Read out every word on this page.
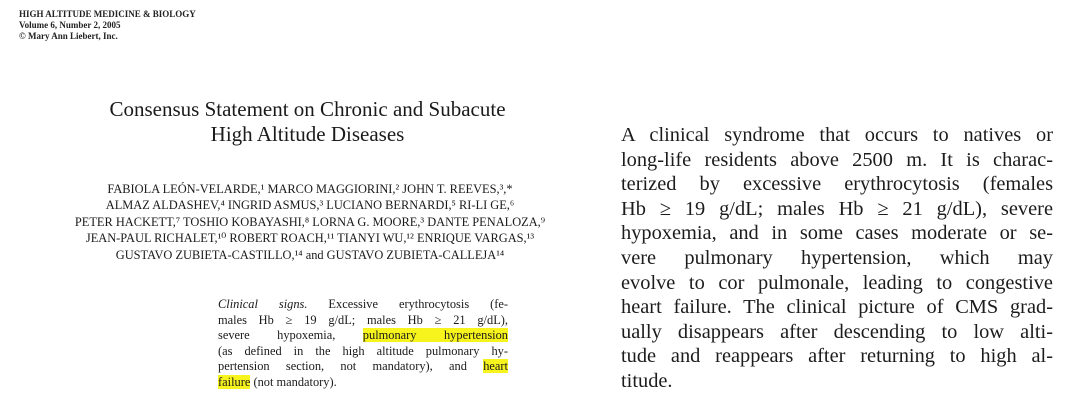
HIGH ALTITUDE MEDICINE & BIOLOGY
Volume 6, Number 2, 2005
© Mary Ann Liebert, Inc.
Consensus Statement on Chronic and Subacute
High Altitude Diseases
FABIOLA LEÓN-VELARDE,¹ MARCO MAGGIORINI,² JOHN T. REEVES,³,*
ALMAZ ALDASHEV,⁴ INGRID ASMUS,³ LUCIANO BERNARDI,⁵ RI-LI GE,⁶
PETER HACKETT,⁷ TOSHIO KOBAYASHI,⁸ LORNA G. MOORE,³ DANTE PENALOZA,⁹
JEAN-PAUL RICHALET,¹⁰ ROBERT ROACH,¹¹ TIANYI WU,¹² ENRIQUE VARGAS,¹³
GUSTAVO ZUBIETA-CASTILLO,¹⁴ and GUSTAVO ZUBIETA-CALLEJA¹⁴
Clinical signs. Excessive erythrocytosis (fe-
males Hb ≥ 19 g/dL; males Hb ≥ 21 g/dL),
severe hypoxemia, pulmonary hypertension
(as defined in the high altitude pulmonary hy-
pertension section, not mandatory), and heart
failure (not mandatory).
A clinical syndrome that occurs to natives or
long-life residents above 2500 m. It is charac-
terized by excessive erythrocytosis (females
Hb ≥ 19 g/dL; males Hb ≥ 21 g/dL), severe
hypoxemia, and in some cases moderate or se-
vere pulmonary hypertension, which may
evolve to cor pulmonale, leading to congestive
heart failure. The clinical picture of CMS grad-
ually disappears after descending to low alti-
tude and reappears after returning to high al-
titude.
